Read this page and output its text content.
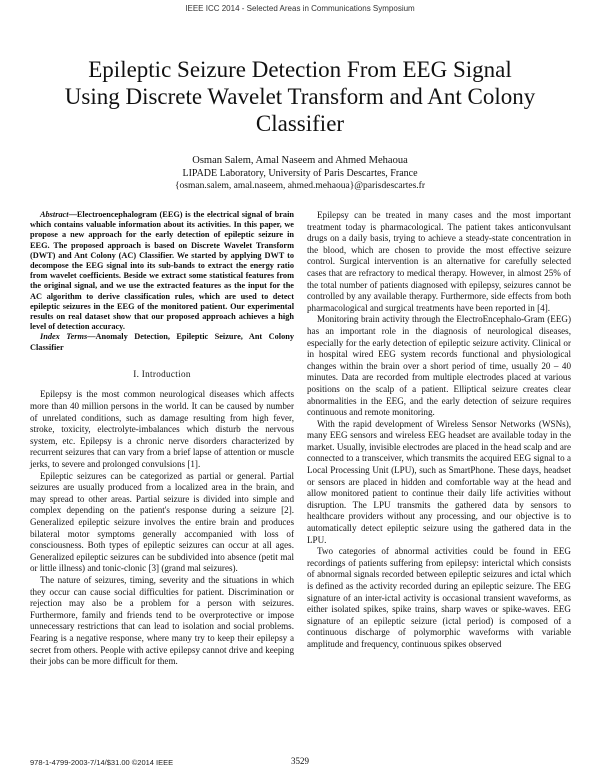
IEEE ICC 2014 - Selected Areas in Communications Symposium
Epileptic Seizure Detection From EEG Signal
Using Discrete Wavelet Transform and Ant Colony
Classifier
Osman Salem, Amal Naseem and Ahmed Mehaoua
LIPADE Laboratory, University of Paris Descartes, France
{osman.salem, amal.naseem, ahmed.mehaoua}@parisdescartes.fr

Abstract—Electroencephalogram (EEG) is the electrical signal of brain which contains valuable information about its activities. In this paper, we propose a new approach for the early detection of epileptic seizure in EEG. The proposed approach is based on Discrete Wavelet Transform (DWT) and Ant Colony (AC) Classifier. We started by applying DWT to decompose the EEG signal into its sub-bands to extract the energy ratio from wavelet coefficients. Beside we extract some statistical features from the original signal, and we use the extracted features as the input for the AC algorithm to derive classification rules, which are used to detect epileptic seizures in the EEG of the monitored patient. Our experimental results on real dataset show that our proposed approach achieves a high level of detection accuracy.

Index Terms—Anomaly Detection, Epileptic Seizure, Ant Colony Classifier

I. Introduction

Epilepsy is the most common neurological diseases which affects more than 40 million persons in the world. It can be caused by number of unrelated conditions, such as damage resulting from high fever, stroke, toxicity, electrolyte-imbalances which disturb the nervous system, etc. Epilepsy is a chronic nerve disorders characterized by recurrent seizures that can vary from a brief lapse of attention or muscle jerks, to severe and prolonged convulsions [1].

Epileptic seizures can be categorized as partial or general. Partial seizures are usually produced from a localized area in the brain, and may spread to other areas. Partial seizure is divided into simple and complex depending on the patient's response during a seizure [2]. Generalized epileptic seizure involves the entire brain and produces bilateral motor symptoms generally accompanied with loss of consciousness. Both types of epileptic seizures can occur at all ages. Generalized epileptic seizures can be subdivided into absence (petit mal or little illness) and tonic-clonic [3] (grand mal seizures).

The nature of seizures, timing, severity and the situations in which they occur can cause social difficulties for patient. Discrimination or rejection may also be a problem for a person with seizures. Furthermore, family and friends tend to be overprotective or impose unnecessary restrictions that can lead to isolation and social problems. Fearing is a negative response, where many try to keep their epilepsy a secret from others. People with active epilepsy cannot drive and keeping their jobs can be more difficult for them.

Epilepsy can be treated in many cases and the most important treatment today is pharmacological. The patient takes anticonvulsant drugs on a daily basis, trying to achieve a steady-state concentration in the blood, which are chosen to provide the most effective seizure control. Surgical intervention is an alternative for carefully selected cases that are refractory to medical therapy. However, in almost 25% of the total number of patients diagnosed with epilepsy, seizures cannot be controlled by any available therapy. Furthermore, side effects from both pharmacological and surgical treatments have been reported in [4].

Monitoring brain activity through the ElectroEncephalo-Gram (EEG) has an important role in the diagnosis of neurological diseases, especially for the early detection of epileptic seizure activity. Clinical or in hospital wired EEG system records functional and physiological changes within the brain over a short period of time, usually 20 – 40 minutes. Data are recorded from multiple electrodes placed at various positions on the scalp of a patient. Elliptical seizure creates clear abnormalities in the EEG, and the early detection of seizure requires continuous and remote monitoring.

With the rapid development of Wireless Sensor Networks (WSNs), many EEG sensors and wireless EEG headset are available today in the market. Usually, invisible electrodes are placed in the head scalp and are connected to a transceiver, which transmits the acquired EEG signal to a Local Processing Unit (LPU), such as SmartPhone. These days, headset or sensors are placed in hidden and comfortable way at the head and allow monitored patient to continue their daily life activities without disruption. The LPU transmits the gathered data by sensors to healthcare providers without any processing, and our objective is to automatically detect epileptic seizure using the gathered data in the LPU.

Two categories of abnormal activities could be found in EEG recordings of patients suffering from epilepsy: interictal which consists of abnormal signals recorded between epileptic seizures and ictal which is defined as the activity recorded during an epileptic seizure. The EEG signature of an inter-ictal activity is occasional transient waveforms, as either isolated spikes, spike trains, sharp waves or spike-waves. EEG signature of an epileptic seizure (ictal period) is composed of a continuous discharge of polymorphic waveforms with variable amplitude and frequency, continuous spikes observed

978-1-4799-2003-7/14/$31.00 ©2014 IEEE	3529
